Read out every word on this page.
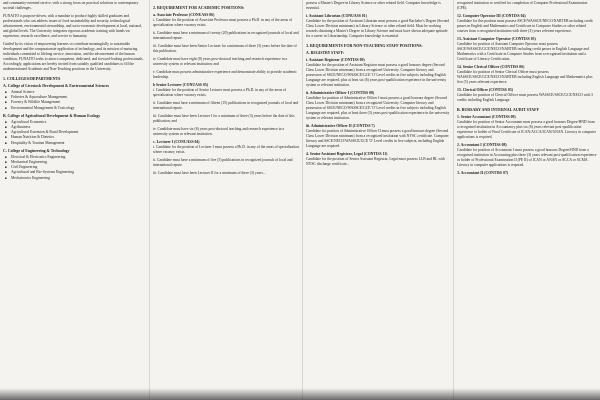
and community-oriented service, with a strong focus on practical solutions to contemporary societal challenges.

FUNAITO is purpose-driven, with a mandate to produce highly skilled graduates and professionals who can address issues of food sustainability and security, technological advancement, environmental stewardship, and socio-economic development at local, national, and global levels. The University integrates rigorous academic training with hands-on experience, research excellence, and service to humanity.

Guided by its vision of empowering learners to contribute meaningfully to sustainable development and the compassionate application of technology, and its mission of nurturing individuals committed to lifelong service, innovation, and the advancement of the human condition, FUNAITO seeks to attract competent, dedicated, and forward-looking professionals. Accordingly, applications are hereby invited from suitably qualified candidates to fill the undermentioned Academic and Non-Teaching positions in the University.

1. COLLEGES/DEPARTMENTS
A. College of Livestock Development & Environmental Sciences
■ Animal Science
■ Fisheries & Aquaculture Management
■ Forestry & Wildlife Management
■ Environmental Management & Toxicology
B. College of Agricultural Development & Human Ecology
■ Agricultural Economics
■ Agribusiness
■ Agricultural Extension & Rural Development
■ Human Nutrition & Dietetics
■ Hospitality & Tourism Management
C. College of Engineering & Technology
■ Electrical & Electronics Engineering
■ Mechanical Engineering
■ Civil Engineering
■ Agricultural and Bio-Systems Engineering
■ Mechatronics Engineering
2. REQUIREMENT FOR ACADEMIC POSITIONS:
a. Associate Professor (CONUASS 06)

i. Candidate for the position of Associate Professor must possess a Ph.D. in any of the areas of specialization where vacancy exists.

ii. Candidate must have a minimum of twenty (20) publications in recognized journals of local and international repute.

iii. Candidate must have been Senior Lecturer for a minimum of three (3) years before the date of this publication.

iv. Candidate must have eight (8) years post-doctoral teaching and research experience in a university system or relevant institution; and

v. Candidate must possess administrative experience and demonstrate ability to provide academic leadership.

b Senior Lecturer (CONUASS 05)

i. Candidate for the position of Senior Lecturer must possess a Ph.D. in any of the areas of specialization where vacancy exists.

ii. Candidate must have a minimum of fifteen (15) publications in recognized journals of local and international repute.

iii. Candidate must have been Lecturer I for a minimum of three (3) years before the date of this publication; and

iv. Candidate must have six (6) years post-doctoral teaching and research experience in a university system or relevant institution.

c. Lecturer I (CONUASS 04)

i. Candidate for the position of Lecturer I must possess a Ph.D. in any of the areas of specialization where vacancy exists.

ii. Candidate must have a minimum of five (5) publications in recognized journals of local and international repute.

iii. Candidate must have been Lecturer II for a minimum of three (3) years...

possess a Master's Degree in Library Science or other related field. Computer knowledge is essential.

i. Assistant Librarian (CONUASS 01)

Candidate for the position of Assistant Librarian must possess a good Bachelor's Degree (Second Class Lower Division minimum) in Library Science or other related field. Must be working towards obtaining a Master's Degree in Library Science and must have shown adequate aptitude for a career in Librarianship. Computer knowledge is essential.

3. REQUIREMENTS FOR NON-TEACHING STAFF POSITIONS:
A. REGISTRY STAFF:
i. Assistant Registrar (CONTISS 09)

Candidate for the position of Assistant Registrar must possess a good honours degree (Second Class Lower Division minimum) from a recognized University. Computer literacy and possession of SSCE/NECO/WASSCE/GCE 'O' Level credits in five subjects including English Language are required, plus at least six (6) years post-qualification experience in the university system or relevant institution.

ii. Administrative Officer I (CONTISS 08)

Candidate for position of Administrative Officer I must possess a good honours degree (Second Class Lower Division minimum) from a recognized University. Computer literacy and possession of SSCE/NECO/WASSCE/GCE 'O' Level credits in five subjects including English Language are required, plus at least three (3) years post-qualification experience in the university system or relevant institution.

iii. Administrative Officer II (CONTISS 7)

Candidate for position of Administrative Officer II must possess a good honours degree (Second Class Lower Division minimum) from a recognized institution with NYSC certificate. Computer literacy and SSCE/NECO/WASSCE/GCE 'O' Level credits in five subjects, including English Language are required.

4. Senior Assistant Registrar, Legal (CONTISS 11)

Candidate for the position of Senior Assistant Registrar, Legal must possess LLB and BL with NYSC discharge certificate...

recognised institution or certified for completion of Computer Professional Examination (CPE).

12. Computer Operator III (CONTISS 04)

Candidate for this position must possess SSCE/WASSCE/NECO/NABTEB including credit passes in English and Mathematics and Certificate in Computer Studies or other related courses from a recognised institution with three (3) years relevant experience.

13. Assistant Computer Operator (CONTISS 03)

Candidate for position of Assistant Computer Operator must possess SSCE/WASSCE/GCE/NECO/NABTEB including credit passes in English Language and Mathematics with a Certificate in Computer Studies from a recognised institution and a Certificate of Literacy Certification.

14. Senior Clerical Officer (CONTISS 06)

Candidate for position of Senior Clerical Officer must possess WASSCE/SSCE/GCE/NECO/NABTEB including English Language and Mathematics plus five (5) years relevant experience.

15. Clerical Officer (CONTISS 03)

Candidate for position of Clerical Officer must possess WASSCE/SSCE/GCE/NECO with 5 credits including English Language.

B. BURSARY AND INTERNAL AUDIT STAFF
1. Senior Accountant (CONTISS 09)

Candidate for position of Senior Accountant must possess a good honours Degree/HND from a recognised institution in Accountancy plus six (6) years relevant post-qualification experience or holder of Final Certificate of ICAN/ACCA/ICAN/ANAN. Literacy in computer applications is required.

2. Accountant I (CONTISS 08)

Candidate for position of Accountant I must possess a good honours Degree/HND from a recognised institution in Accounting plus three (3) years relevant post-qualification experience or holder of Professional Examination II (PE II) of ICAN or ANAN or ACCA or ACMA. Literacy in computer applications is required.

3. Accountant II (CONTISS 07)
